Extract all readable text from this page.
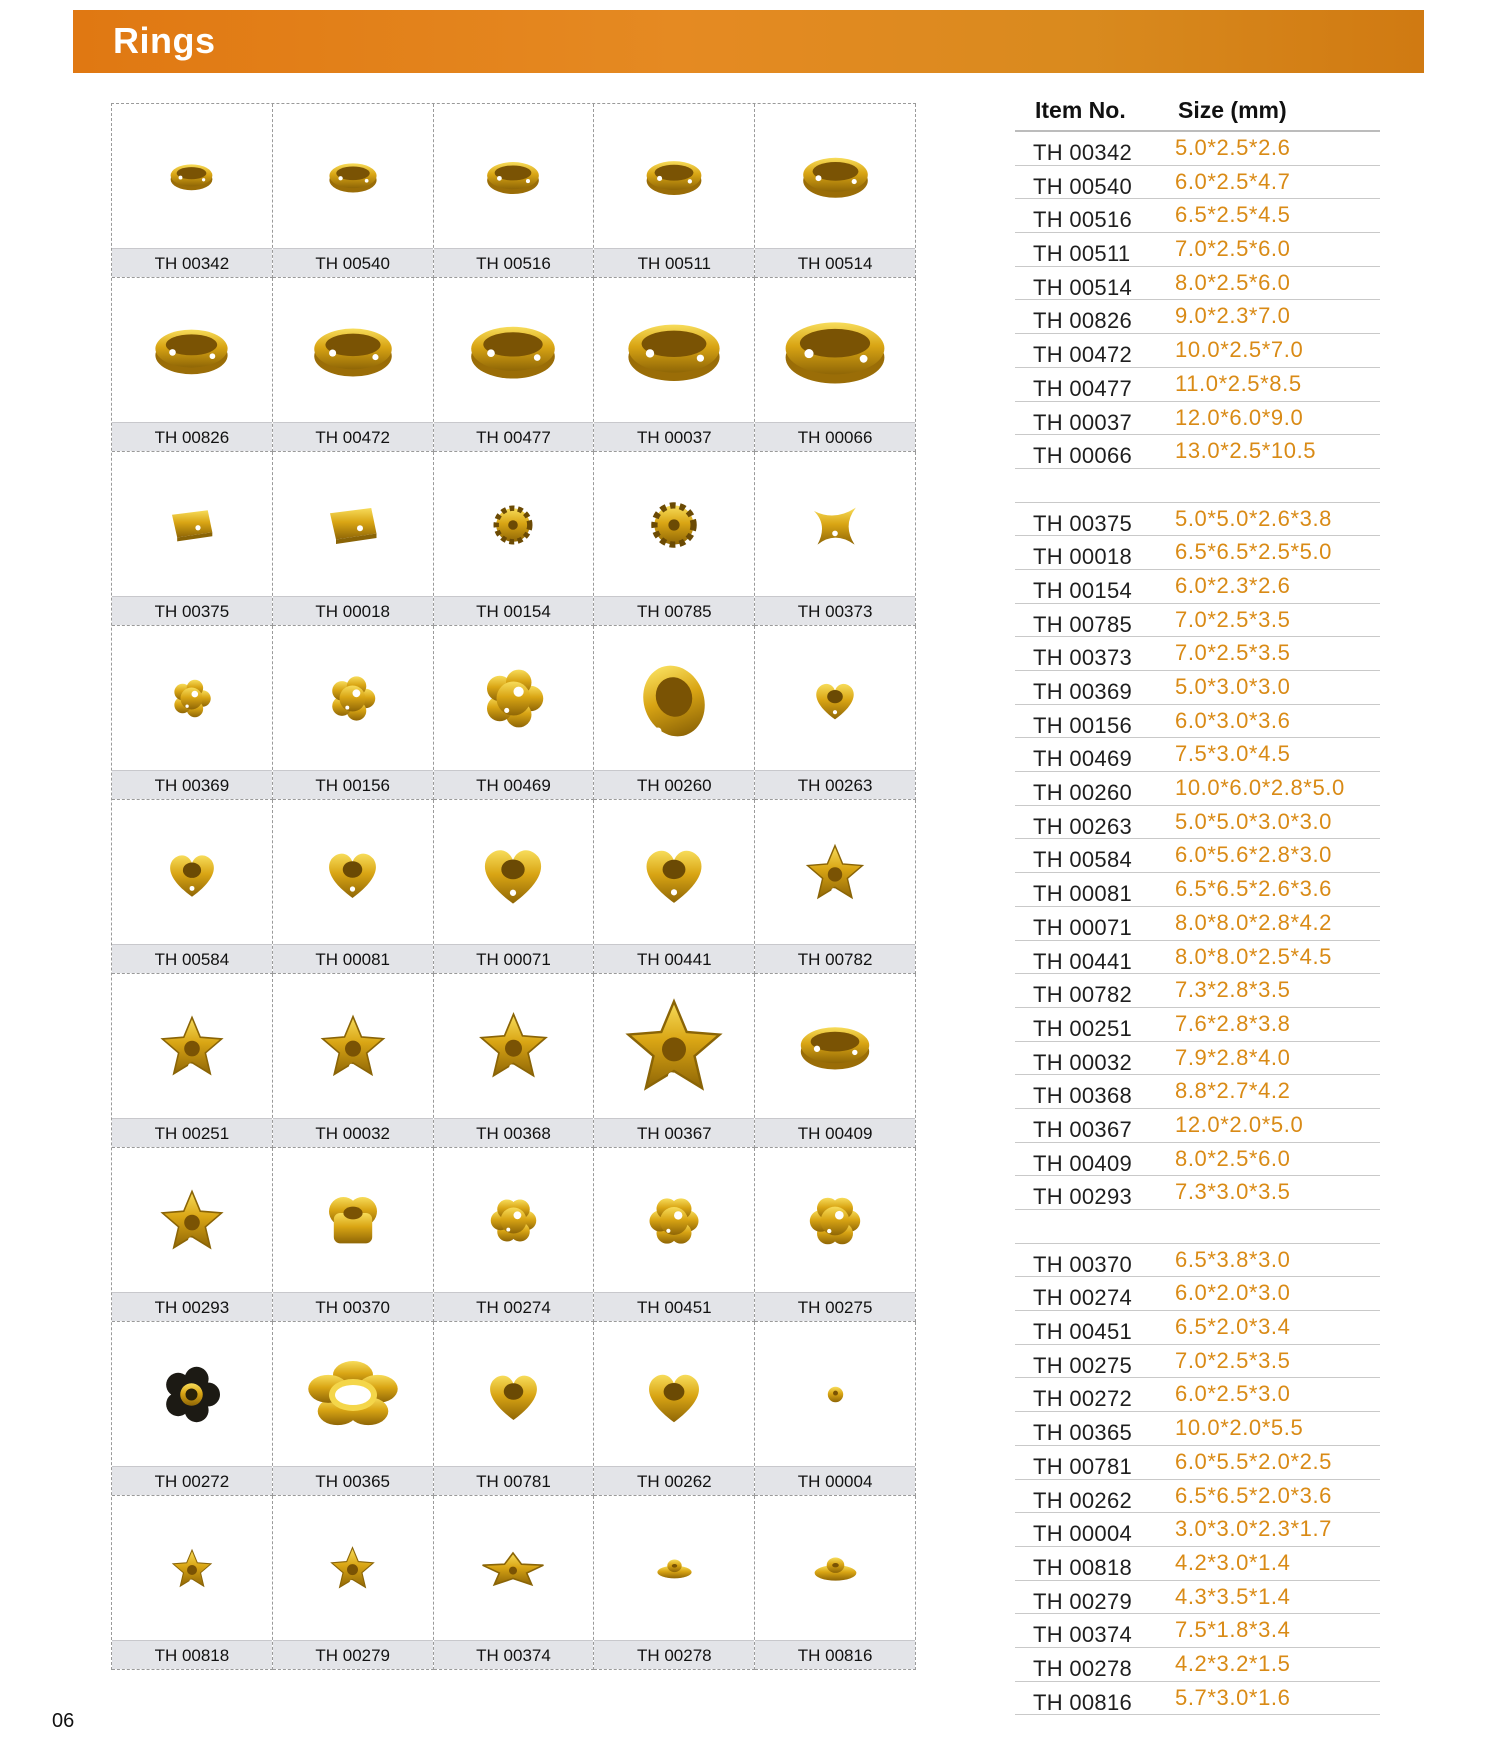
Rings
TH 00342	TH 00540	TH 00516	TH 00511	TH 00514
TH 00826	TH 00472	TH 00477	TH 00037	TH 00066
TH 00375	TH 00018	TH 00154	TH 00785	TH 00373
TH 00369	TH 00156	TH 00469	TH 00260	TH 00263
TH 00584	TH 00081	TH 00071	TH 00441	TH 00782
TH 00251	TH 00032	TH 00368	TH 00367	TH 00409
TH 00293	TH 00370	TH 00274	TH 00451	TH 00275
TH 00272	TH 00365	TH 00781	TH 00262	TH 00004
TH 00818	TH 00279	TH 00374	TH 00278	TH 00816
Item No. Size (mm)
TH 00342 5.0*2.5*2.6
TH 00540 6.0*2.5*4.7
TH 00516 6.5*2.5*4.5
TH 00511 7.0*2.5*6.0
TH 00514 8.0*2.5*6.0
TH 00826 9.0*2.3*7.0
TH 00472 10.0*2.5*7.0
TH 00477 11.0*2.5*8.5
TH 00037 12.0*6.0*9.0
TH 00066 13.0*2.5*10.5
TH 00375 5.0*5.0*2.6*3.8
TH 00018 6.5*6.5*2.5*5.0
TH 00154 6.0*2.3*2.6
TH 00785 7.0*2.5*3.5
TH 00373 7.0*2.5*3.5
TH 00369 5.0*3.0*3.0
TH 00156 6.0*3.0*3.6
TH 00469 7.5*3.0*4.5
TH 00260 10.0*6.0*2.8*5.0
TH 00263 5.0*5.0*3.0*3.0
TH 00584 6.0*5.6*2.8*3.0
TH 00081 6.5*6.5*2.6*3.6
TH 00071 8.0*8.0*2.8*4.2
TH 00441 8.0*8.0*2.5*4.5
TH 00782 7.3*2.8*3.5
TH 00251 7.6*2.8*3.8
TH 00032 7.9*2.8*4.0
TH 00368 8.8*2.7*4.2
TH 00367 12.0*2.0*5.0
TH 00409 8.0*2.5*6.0
TH 00293 7.3*3.0*3.5
TH 00370 6.5*3.8*3.0
TH 00274 6.0*2.0*3.0
TH 00451 6.5*2.0*3.4
TH 00275 7.0*2.5*3.5
TH 00272 6.0*2.5*3.0
TH 00365 10.0*2.0*5.5
TH 00781 6.0*5.5*2.0*2.5
TH 00262 6.5*6.5*2.0*3.6
TH 00004 3.0*3.0*2.3*1.7
TH 00818 4.2*3.0*1.4
TH 00279 4.3*3.5*1.4
TH 00374 7.5*1.8*3.4
TH 00278 4.2*3.2*1.5
TH 00816 5.7*3.0*1.6
06
